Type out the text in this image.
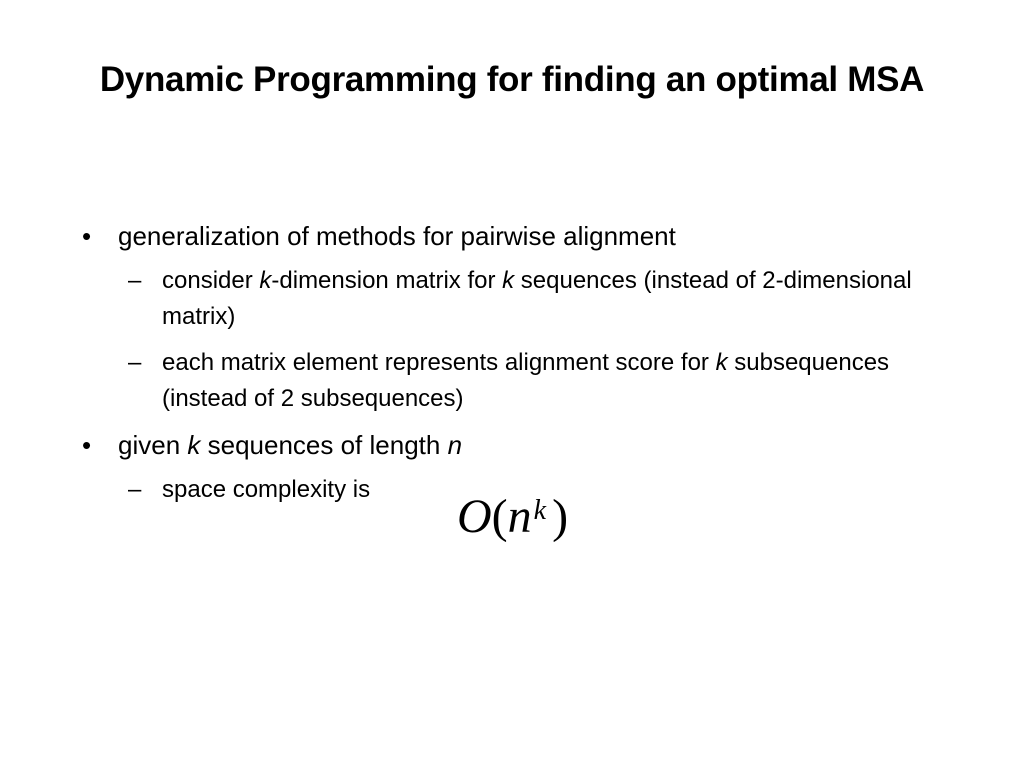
Dynamic Programming for finding an optimal MSA
• generalization of methods for pairwise alignment
– consider k-dimension matrix for k sequences (instead of 2-dimensional matrix)
– each matrix element represents alignment score for k subsequences (instead of 2 subsequences)
• given k sequences of length n
– space complexity is
$O(n^k$ )
